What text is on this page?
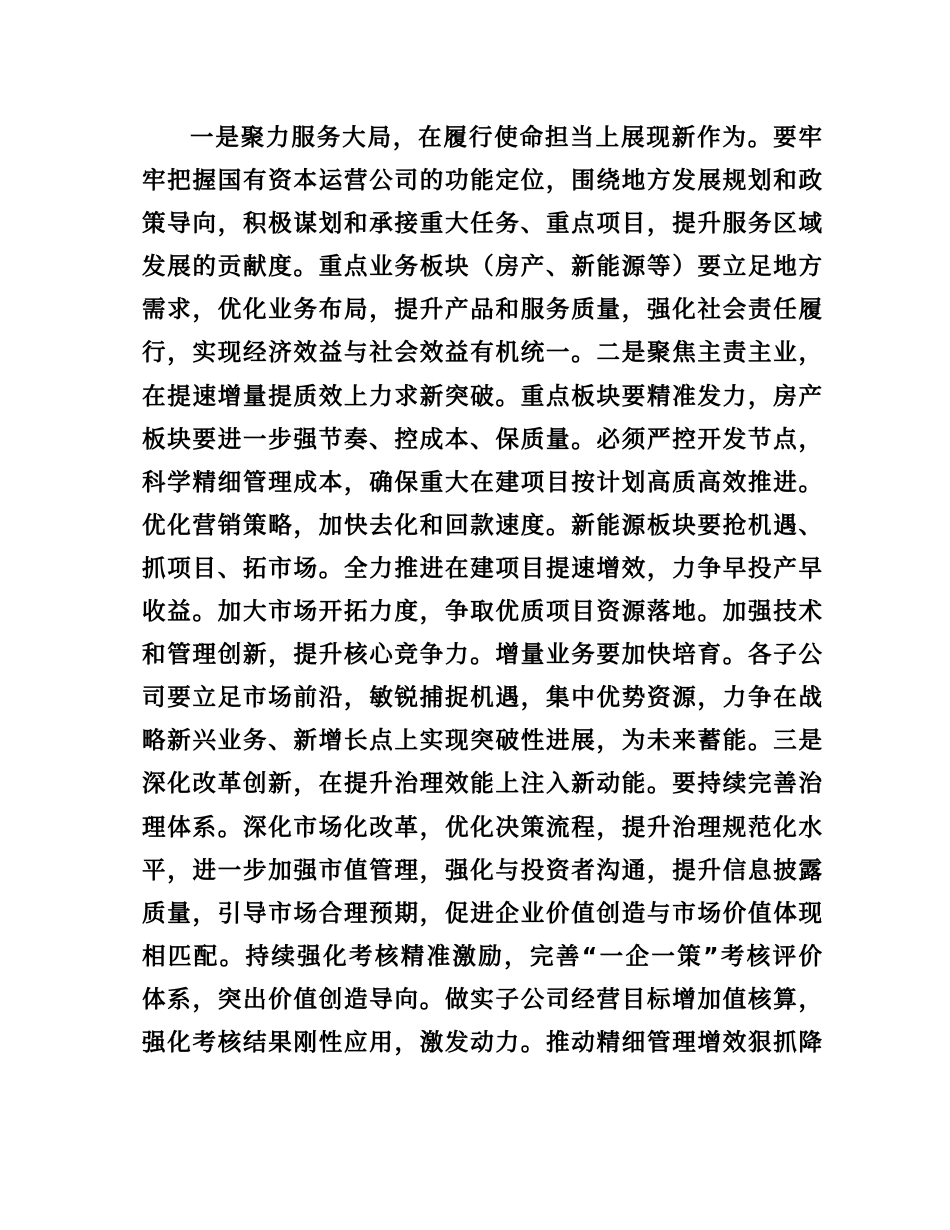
一是聚力服务大局，在履行使命担当上展现新作为。要牢
牢把握国有资本运营公司的功能定位，围绕地方发展规划和政
策导向，积极谋划和承接重大任务、重点项目，提升服务区域
发展的贡献度。重点业务板块（房产、新能源等）要立足地方
需求，优化业务布局，提升产品和服务质量，强化社会责任履
行，实现经济效益与社会效益有机统一。二是聚焦主责主业，
在提速增量提质效上力求新突破。重点板块要精准发力，房产
板块要进一步强节奏、控成本、保质量。必须严控开发节点，
科学精细管理成本，确保重大在建项目按计划高质高效推进。
优化营销策略，加快去化和回款速度。新能源板块要抢机遇、
抓项目、拓市场。全力推进在建项目提速增效，力争早投产早
收益。加大市场开拓力度，争取优质项目资源落地。加强技术
和管理创新，提升核心竞争力。增量业务要加快培育。各子公
司要立足市场前沿，敏锐捕捉机遇，集中优势资源，力争在战
略新兴业务、新增长点上实现突破性进展，为未来蓄能。三是
深化改革创新，在提升治理效能上注入新动能。要持续完善治
理体系。深化市场化改革，优化决策流程，提升治理规范化水
平，进一步加强市值管理，强化与投资者沟通，提升信息披露
质量，引导市场合理预期，促进企业价值创造与市场价值体现
相匹配。持续强化考核精准激励，完善“一企一策”考核评价
体系，突出价值创造导向。做实子公司经营目标增加值核算，
强化考核结果刚性应用，激发动力。推动精细管理增效狠抓降
